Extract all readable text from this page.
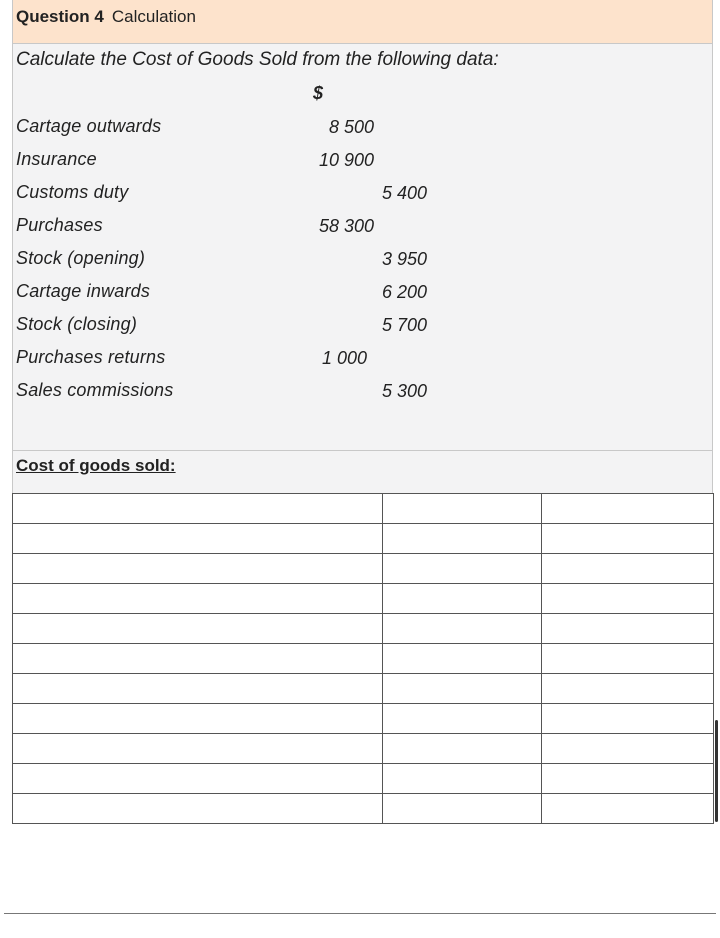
Question 4 Calculation
Calculate the Cost of Goods Sold from the following data:
$
Cartage outwards	8 500
Insurance	10 900
Customs duty	5 400
Purchases	58 300
Stock (opening)	3 950
Cartage inwards	6 200
Stock (closing)	5 700
Purchases returns	1 000
Sales commissions	5 300
Cost of goods sold:
